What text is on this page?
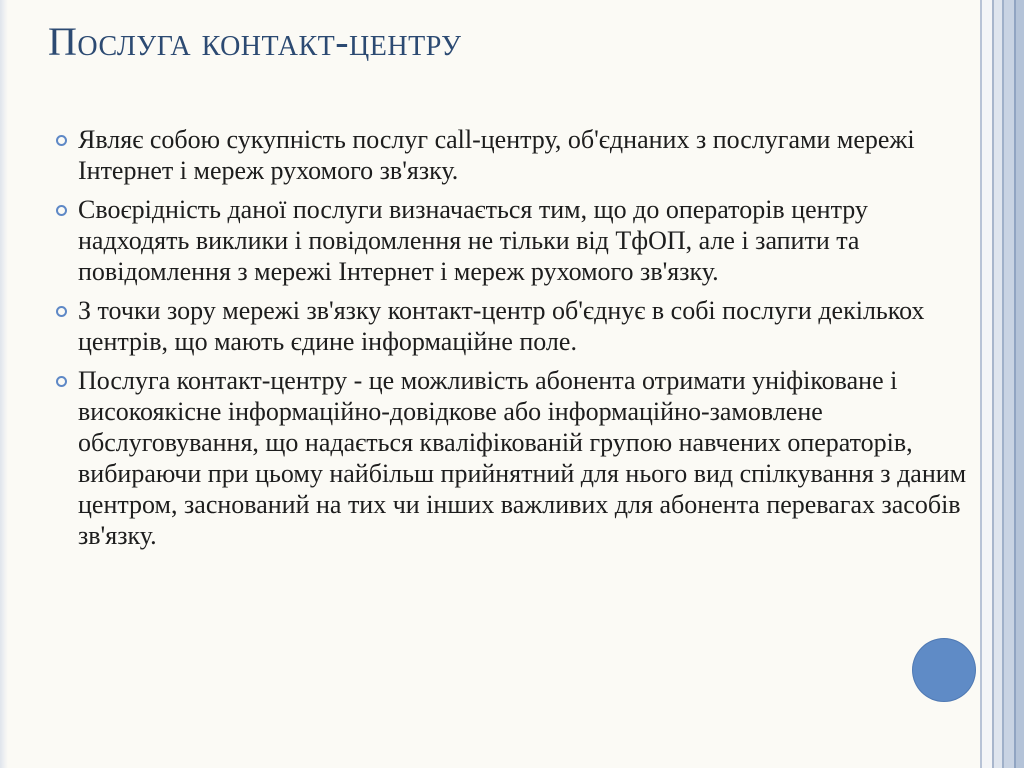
Послуга контакт-центру
Являє собою сукупність послуг call-центру, об'єднаних з послугами мережі Інтернет і мереж рухомого зв'язку.
Своєрідність даної послуги визначається тим, що до операторів центру надходять виклики і повідомлення не тільки від ТфОП, але і запити та повідомлення з мережі Інтернет і мереж рухомого зв'язку.
З точки зору мережі зв'язку контакт-центр об'єднує в собі послуги декількох центрів, що мають єдине інформаційне поле.
Послуга контакт-центру - це можливість абонента отримати уніфіковане і високоякісне інформаційно-довідкове або інформаційно-замовлене обслуговування, що надається кваліфікованій групою навчених операторів, вибираючи при цьому найбільш прийнятний для нього вид спілкування з даним центром, заснований на тих чи інших важливих для абонента перевагах засобів зв'язку.
